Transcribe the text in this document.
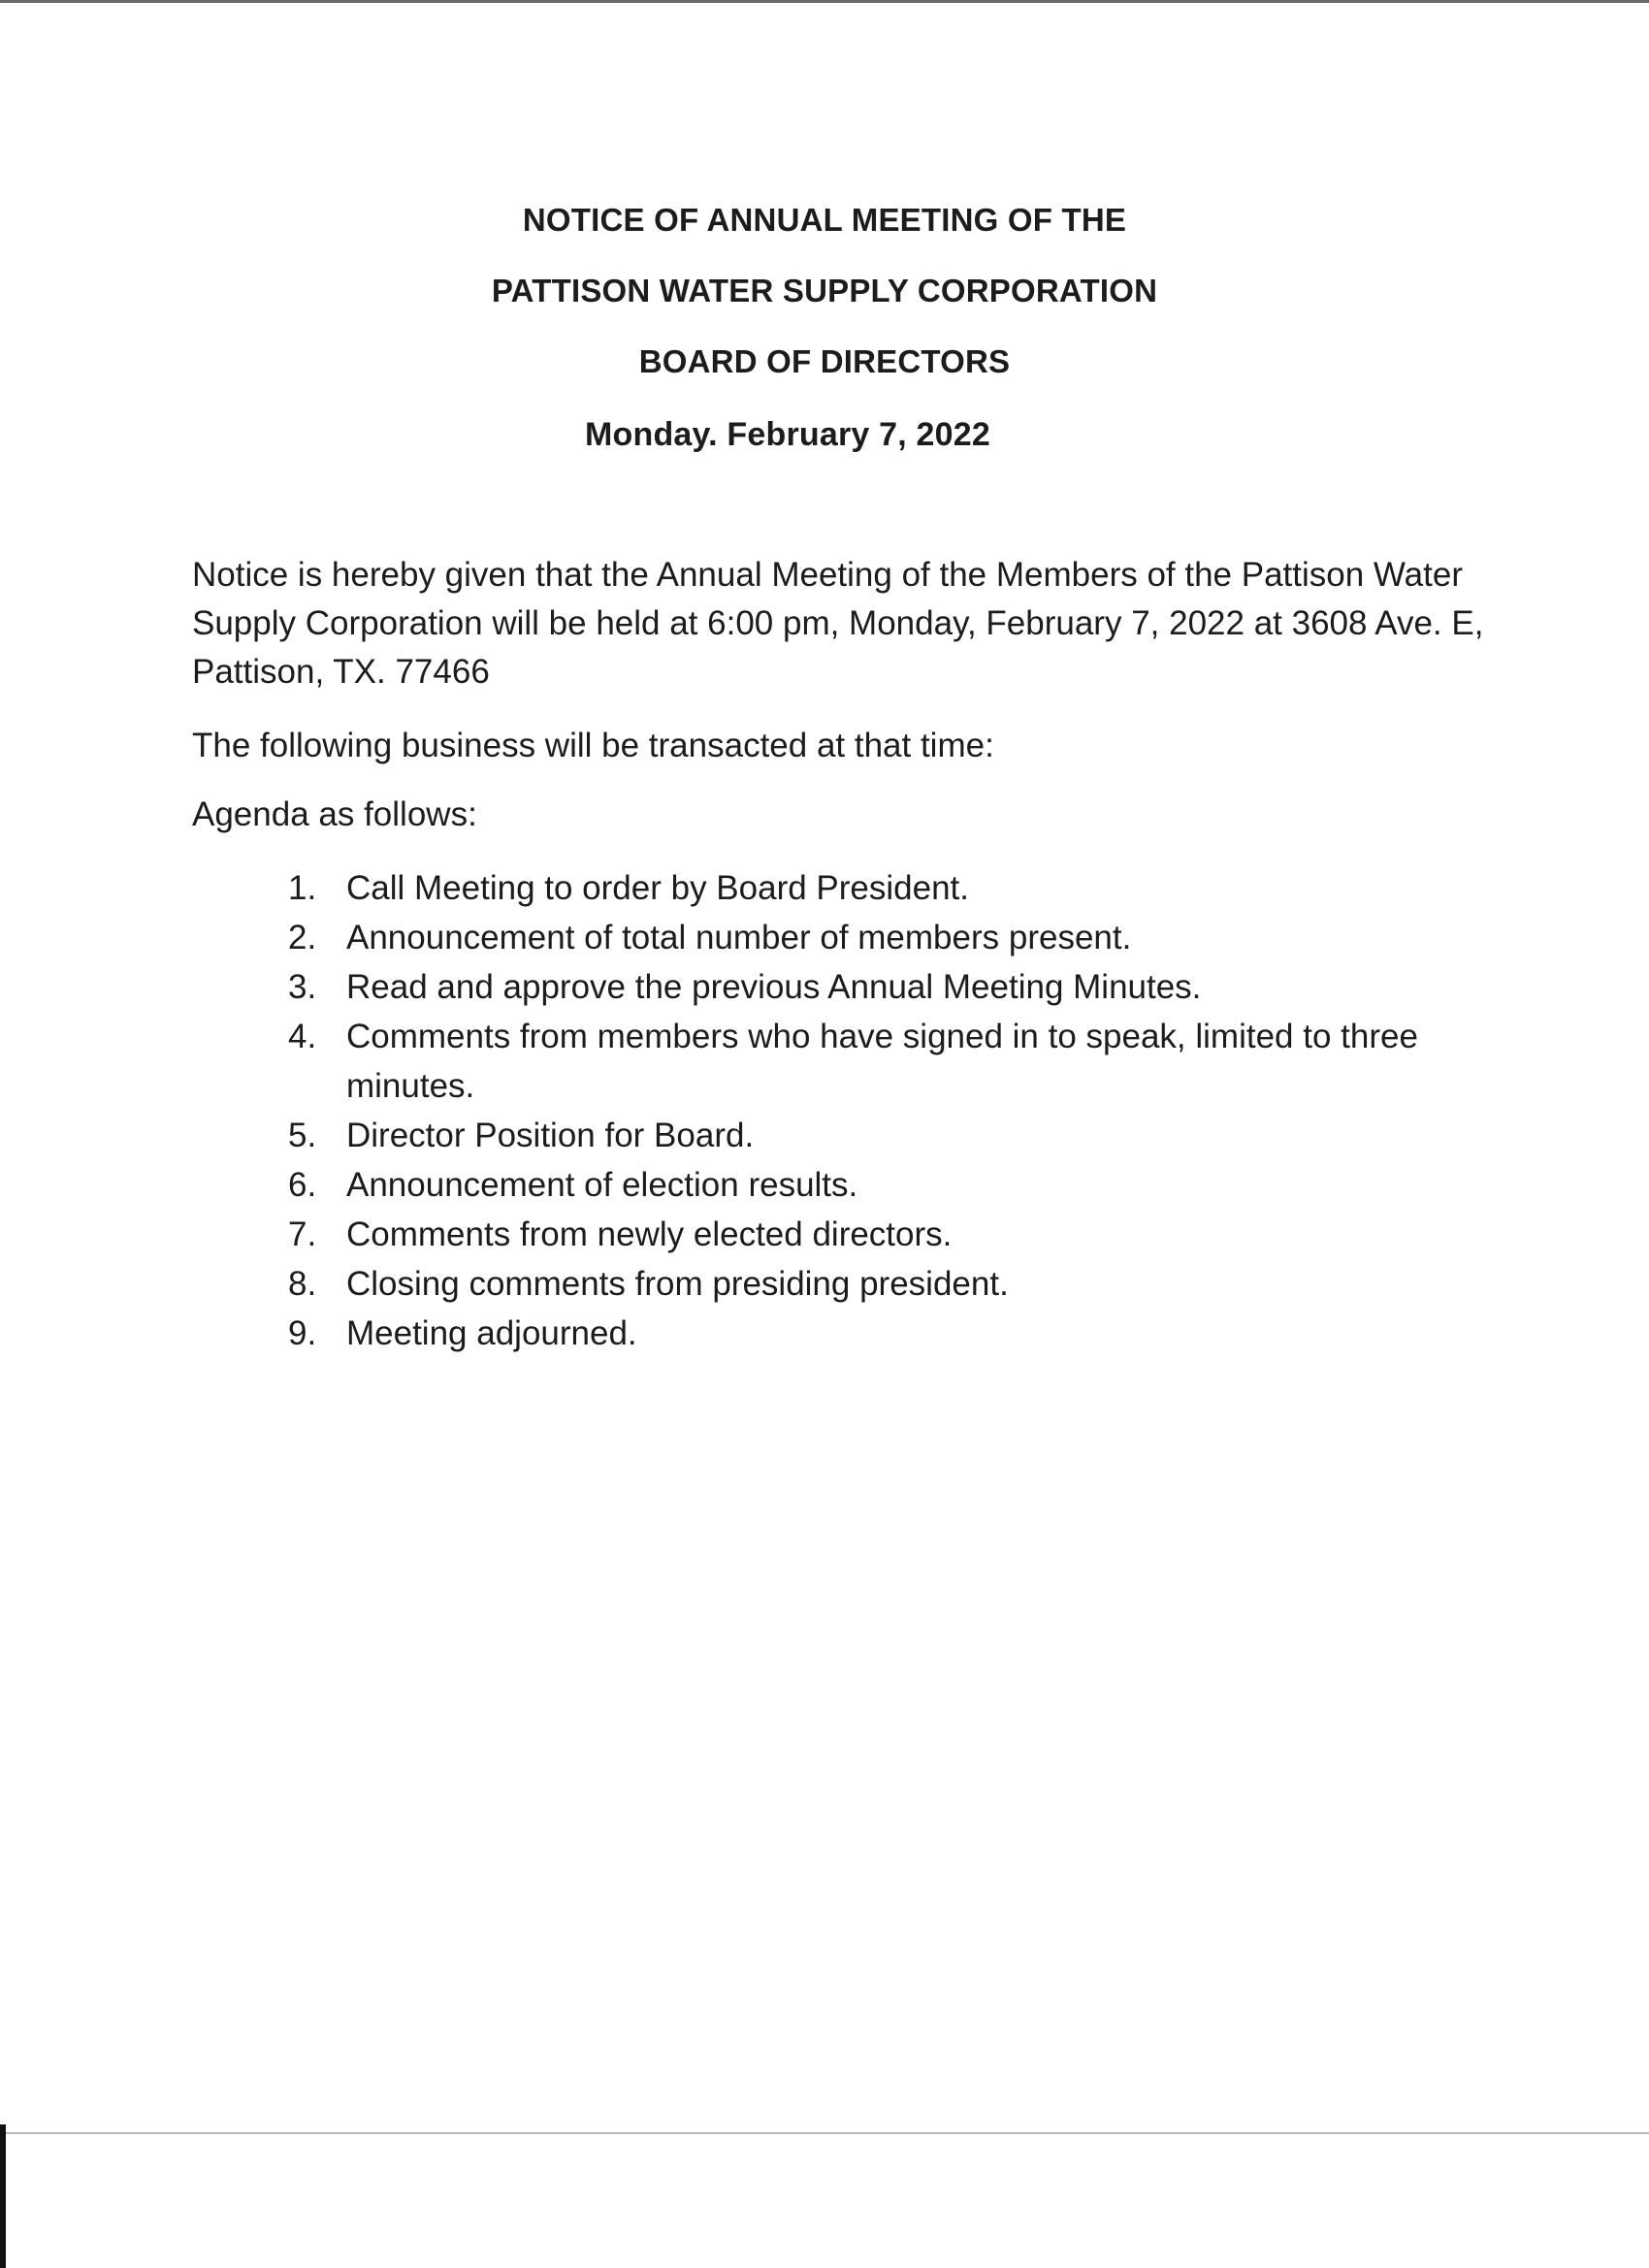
NOTICE OF ANNUAL MEETING OF THE
PATTISON WATER SUPPLY CORPORATION
BOARD OF DIRECTORS
Monday. February 7, 2022
Notice is hereby given that the Annual Meeting of the Members of the Pattison Water Supply Corporation will be held at 6:00 pm, Monday, February 7, 2022 at 3608 Ave. E, Pattison, TX. 77466
The following business will be transacted at that time:
Agenda as follows:
1. Call Meeting to order by Board President.
2. Announcement of total number of members present.
3. Read and approve the previous Annual Meeting Minutes.
4. Comments from members who have signed in to speak, limited to three minutes.
5. Director Position for Board.
6. Announcement of election results.
7. Comments from newly elected directors.
8. Closing comments from presiding president.
9. Meeting adjourned.
